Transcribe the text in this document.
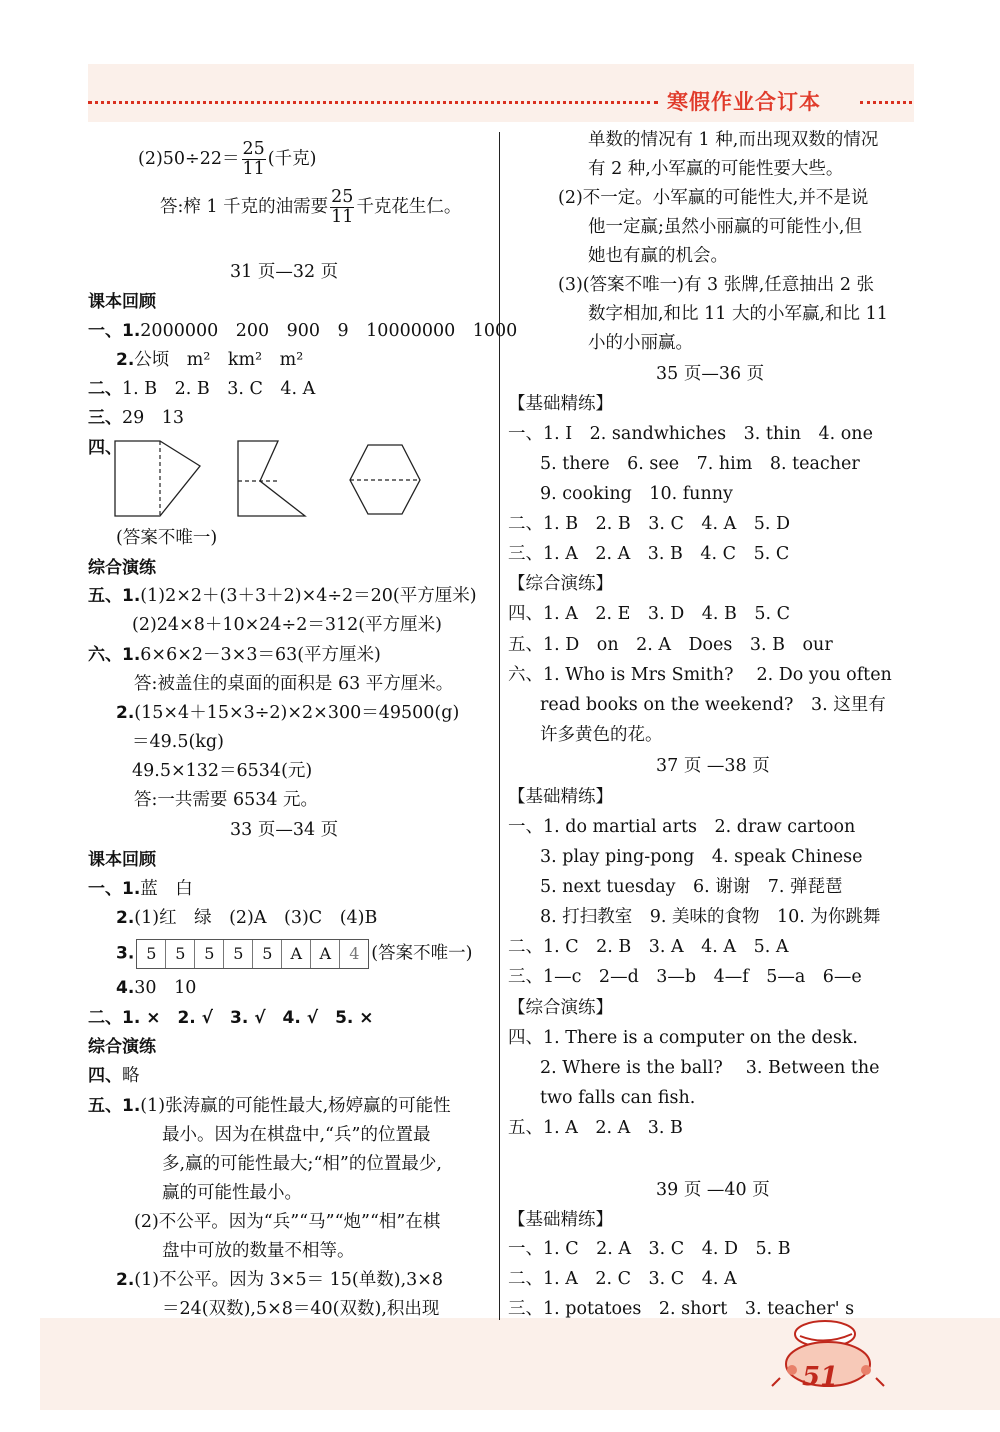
寒假作业合订本
$(2)50\div 22= \frac{25}{11}$ (千克)
答:榨 1 千克的油需要 $\frac{25}{11}$ 千克花生仁。
31 页—32 页
课本回顾
一、1.2000000　200　900　9　10000000　1000
2.公顷　m²　km²　m²
二、1. B　2. B　3. C　4. A
三、29　13
四、
(答案不唯一)
综合演练
五、1.(1)2×2＋(3＋3＋2)×4÷2＝20(平方厘米)
(2)24×8＋10×24÷2＝312(平方厘米)
六、1.6×6×2－3×3＝63(平方厘米)
答:被盖住的桌面的面积是 63 平方厘米。
2.(15×4＋15×3÷2)×2×300＝49500(g)
＝49.5(kg)
49.5×132＝6534(元)
答:一共需要 6534 元。
33 页—34 页
课本回顾
一、1.蓝　白
2.(1)红　绿　(2)A　(3)C　(4)B
3. 5	5	5	5	5	A	A	4 (答案不唯一)
4.30　10
二、1. ×　2. √　3. √　4. √　5. ×
综合演练
四、略
五、1.(1)张涛赢的可能性最大,杨婷赢的可能性
最小。因为在棋盘中,“兵”的位置最
多,赢的可能性最大;“相”的位置最少,
赢的可能性最小。
(2)不公平。因为“兵”“马”“炮”“相”在棋
盘中可放的数量不相等。
2.(1)不公平。因为 3×5＝ 15(单数),3×8
＝24(双数),5×8＝40(双数),积出现
单数的情况有 1 种,而出现双数的情况
有 2 种,小军赢的可能性要大些。
(2)不一定。小军赢的可能性大,并不是说
他一定赢;虽然小丽赢的可能性小,但
她也有赢的机会。
(3)(答案不唯一)有 3 张牌,任意抽出 2 张
数字相加,和比 11 大的小军赢,和比 11
小的小丽赢。
35 页—36 页
【基础精练】
一、1. I　2. sandwhiches　3. thin　4. one
5. there　6. see　7. him　8. teacher
9. cooking　10. funny
二、1. B　2. B　3. C　4. A　5. D
三、1. A　2. A　3. B　4. C　5. C
【综合演练】
四、1. A　2. E　3. D　4. B　5. C
五、1. D　on　2. A　Does　3. B　our
六、1. Who is Mrs Smith?　 2. Do you often
read books on the weekend?　3. 这里有
许多黄色的花。
37 页 —38 页
【基础精练】
一、1. do martial arts　2. draw cartoon
3. play ping-pong　4. speak Chinese
5. next tuesday　6. 谢谢　7. 弹琵琶
8. 打扫教室　9. 美味的食物　10. 为你跳舞
二、1. C　2. B　3. A　4. A　5. A
三、1—c　2—d　3—b　4—f　5—a　6—e
【综合演练】
四、1. There is a computer on the desk.
2. Where is the ball?　 3. Between the
two falls can fish.
五、1. A　2. A　3. B
39 页 —40 页
【基础精练】
一、1. C　2. A　3. C　4. D　5. B
二、1. A　2. C　3. C　4. A
三、1. potatoes　2. short　3. teacher' s
51
